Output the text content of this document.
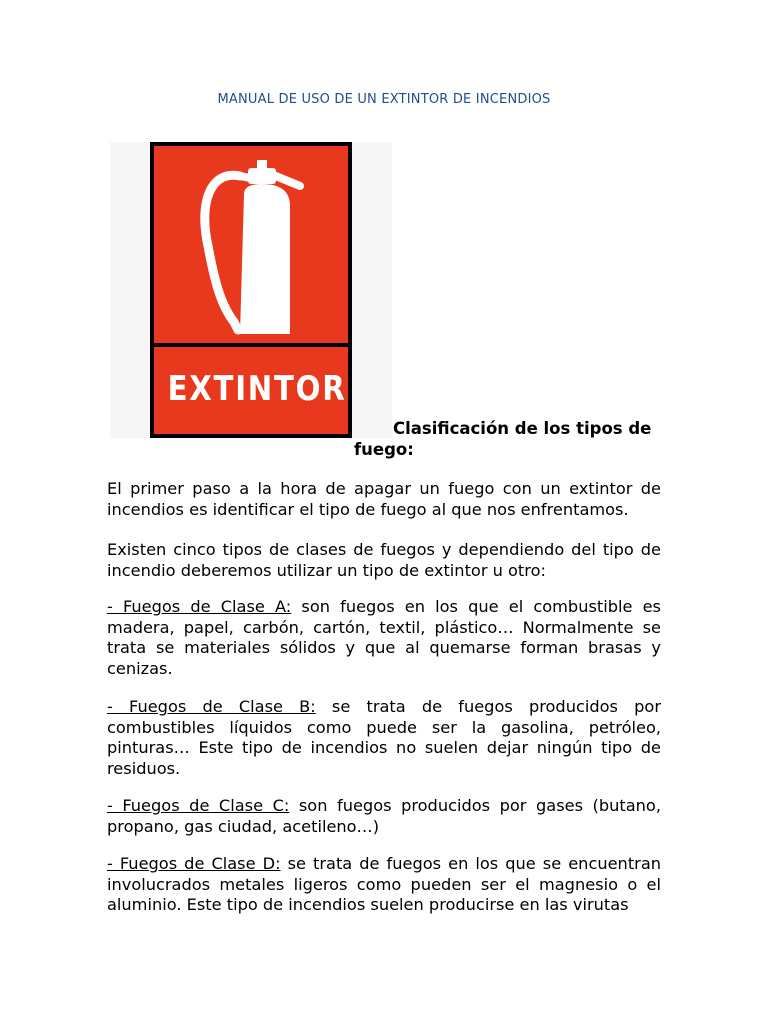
MANUAL DE USO DE UN EXTINTOR DE INCENDIOS
EXTINTOR
Clasificación de los tipos de fuego:

El primer paso a la hora de apagar un fuego con un extintor de incendios es identificar el tipo de fuego al que nos enfrentamos.

Existen cinco tipos de clases de fuegos y dependiendo del tipo de incendio deberemos utilizar un tipo de extintor u otro:

- Fuegos de Clase A: son fuegos en los que el combustible es madera, papel, carbón, cartón, textil, plástico… Normalmente se trata se materiales sólidos y que al quemarse forman brasas y cenizas.

- Fuegos de Clase B: se trata de fuegos producidos por combustibles líquidos como puede ser la gasolina, petróleo, pinturas… Este tipo de incendios no suelen dejar ningún tipo de residuos.

- Fuegos de Clase C: son fuegos producidos por gases (butano, propano, gas ciudad, acetileno…)

- Fuegos de Clase D: se trata de fuegos en los que se encuentran involucrados metales ligeros como pueden ser el magnesio o el aluminio. Este tipo de incendios suelen producirse en las virutas
